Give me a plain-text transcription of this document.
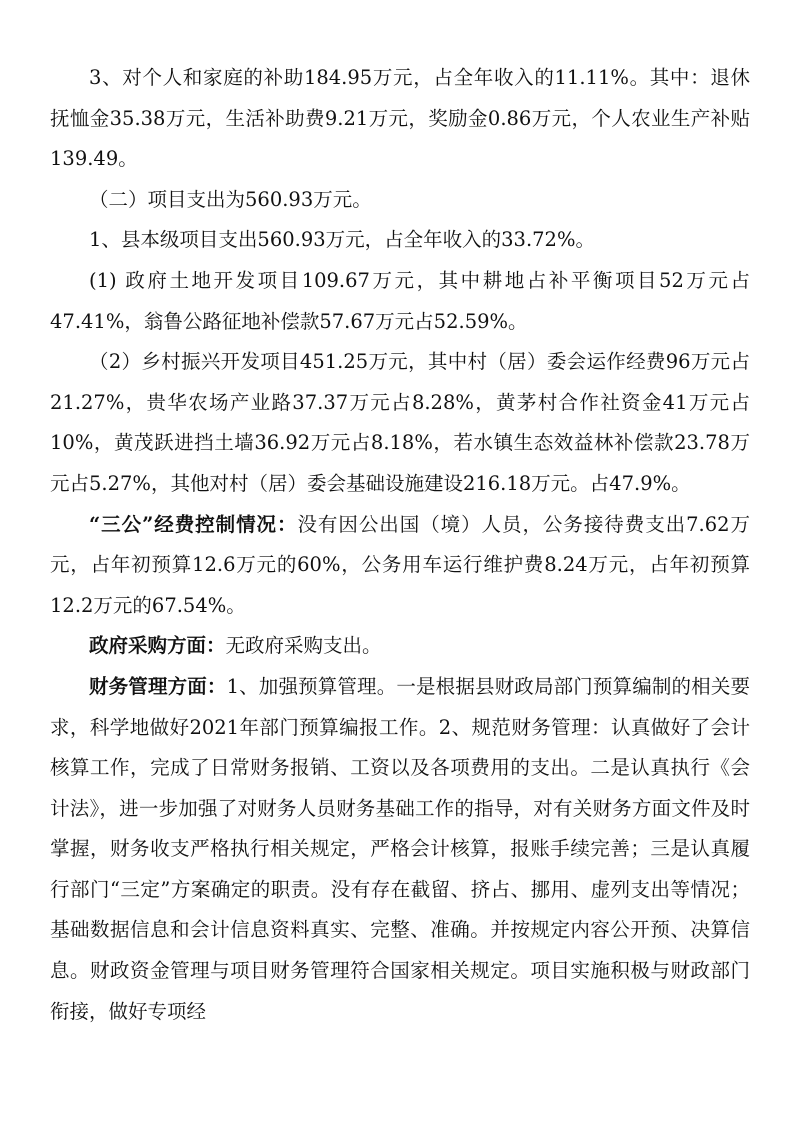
3、对个人和家庭的补助184.95万元，占全年收入的11.11%。其中：退休抚恤金35.38万元，生活补助费9.21万元，奖励金0.86万元，个人农业生产补贴139.49。

（二）项目支出为560.93万元。

1、县本级项目支出560.93万元，占全年收入的33.72%。

(1) 政府土地开发项目109.67万元，其中耕地占补平衡项目52万元占47.41%，翁鲁公路征地补偿款57.67万元占52.59%。

（2）乡村振兴开发项目451.25万元，其中村（居）委会运作经费96万元占21.27%，贵华农场产业路37.37万元占8.28%，黄茅村合作社资金41万元占10%，黄茂跃进挡土墙36.92万元占8.18%，若水镇生态效益林补偿款23.78万元占5.27%，其他对村（居）委会基础设施建设216.18万元。占47.9%。

“三公”经费控制情况：没有因公出国（境）人员，公务接待费支出7.62万元，占年初预算12.6万元的60%，公务用车运行维护费8.24万元，占年初预算12.2万元的67.54%。

政府采购方面：无政府采购支出。

财务管理方面：1、加强预算管理。一是根据县财政局部门预算编制的相关要求，科学地做好2021年部门预算编报工作。2、规范财务管理：认真做好了会计核算工作，完成了日常财务报销、工资以及各项费用的支出。二是认真执行《会计法》，进一步加强了对财务人员财务基础工作的指导，对有关财务方面文件及时掌握，财务收支严格执行相关规定，严格会计核算，报账手续完善；三是认真履行部门“三定”方案确定的职责。没有存在截留、挤占、挪用、虚列支出等情况；基础数据信息和会计信息资料真实、完整、准确。并按规定内容公开预、决算信息。财政资金管理与项目财务管理符合国家相关规定。项目实施积极与财政部门衔接，做好专项经
